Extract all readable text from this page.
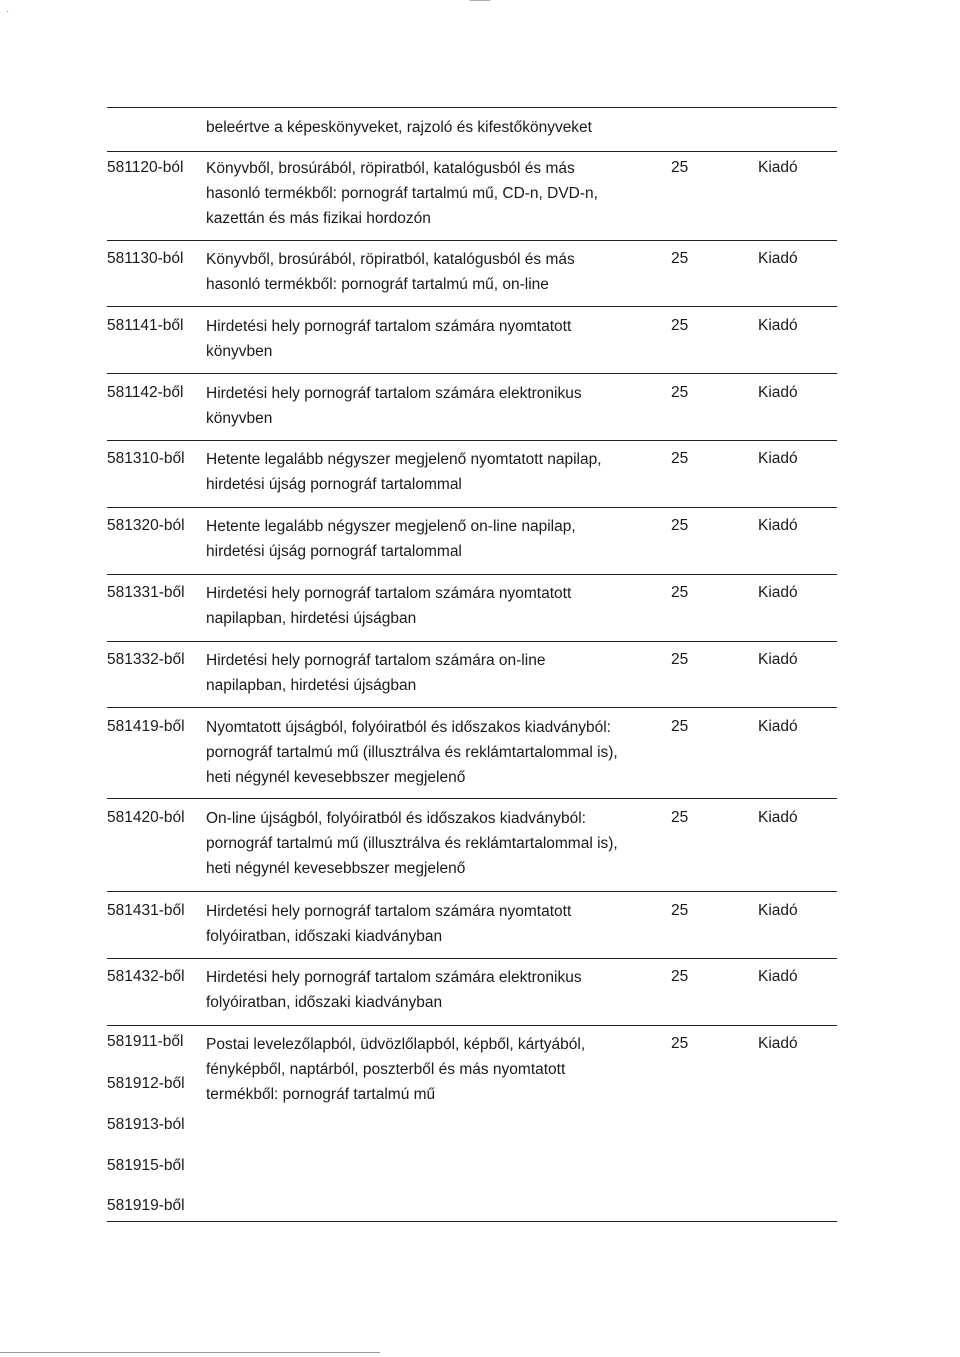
·
‾‾‾‾‾‾
beleértve a képeskönyveket, rajzoló és kifestőkönyveket
581120-ból Könyvből, brosúrából, röpiratból, katalógusból és más
hasonló termékből: pornográf tartalmú mű, CD-n, DVD-n,
kazettán és más fizikai hordozón
25	Kiadó
581130-ból Könyvből, brosúrából, röpiratból, katalógusból és más
hasonló termékből: pornográf tartalmú mű, on-line
25	Kiadó
581141-ből Hirdetési hely pornográf tartalom számára nyomtatott
könyvben
25	Kiadó
581142-ből Hirdetési hely pornográf tartalom számára elektronikus
könyvben
25	Kiadó
581310-ből Hetente legalább négyszer megjelenő nyomtatott napilap,
hirdetési újság pornográf tartalommal
25	Kiadó
581320-ból Hetente legalább négyszer megjelenő on-line napilap,
hirdetési újság pornográf tartalommal
25	Kiadó
581331-ből Hirdetési hely pornográf tartalom számára nyomtatott
napilapban, hirdetési újságban
25	Kiadó
581332-ből Hirdetési hely pornográf tartalom számára on-line
napilapban, hirdetési újságban
25	Kiadó
581419-ből Nyomtatott újságból, folyóiratból és időszakos kiadványból:
pornográf tartalmú mű (illusztrálva és reklámtartalommal is),
heti négynél kevesebbszer megjelenő
25	Kiadó
581420-ból On-line újságból, folyóiratból és időszakos kiadványból:
pornográf tartalmú mű (illusztrálva és reklámtartalommal is),
heti négynél kevesebbszer megjelenő
25	Kiadó
581431-ből Hirdetési hely pornográf tartalom számára nyomtatott
folyóiratban, időszaki kiadványban
25	Kiadó
581432-ből Hirdetési hely pornográf tartalom számára elektronikus
folyóiratban, időszaki kiadványban
25	Kiadó
581911-ből
581912-ből
581913-ból
581915-ből
581919-ből
Postai levelezőlapból, üdvözlőlapból, képből, kártyából,
fényképből, naptárból, poszterből és más nyomtatott
termékből: pornográf tartalmú mű
25	Kiadó
